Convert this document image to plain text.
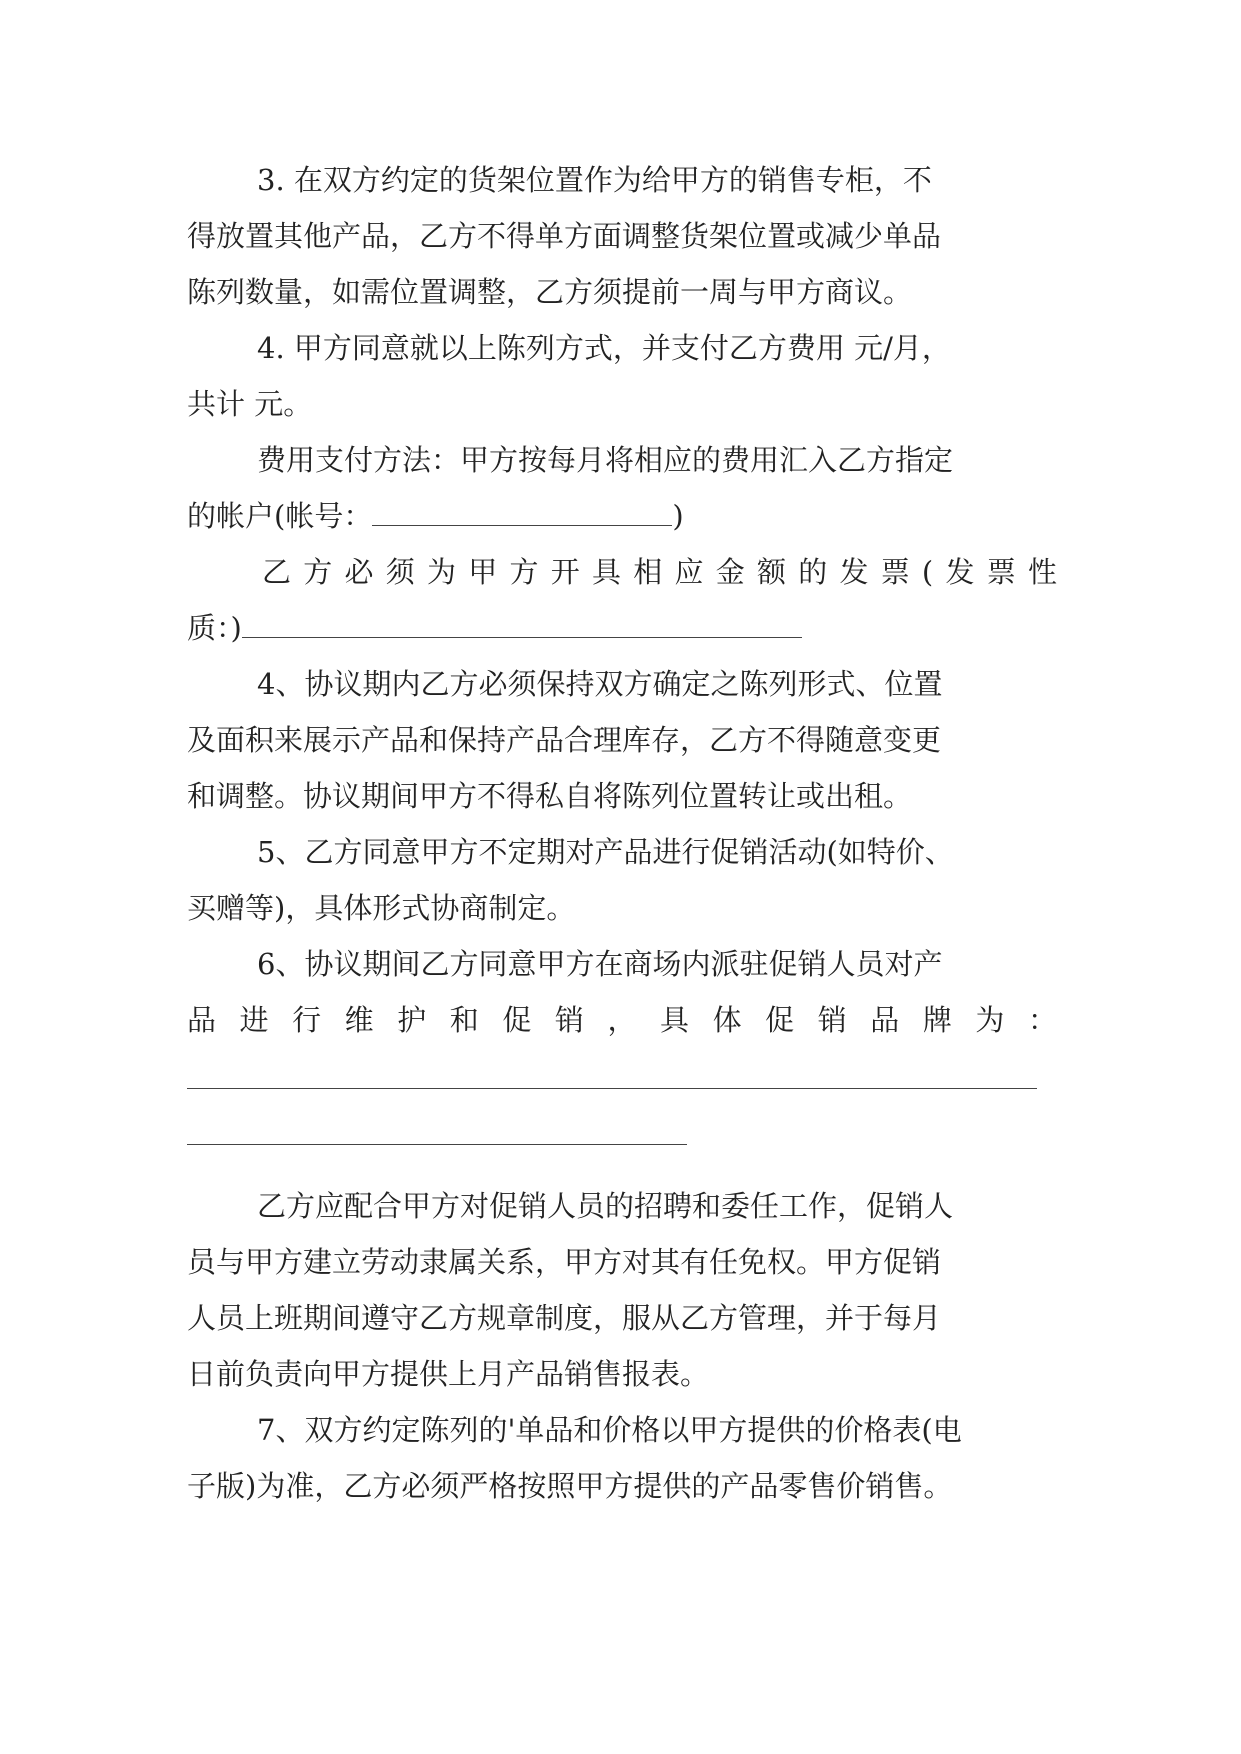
3. 在双方约定的货架位置作为给甲方的销售专柜，不
得放置其他产品，乙方不得单方面调整货架位置或减少单品
陈列数量，如需位置调整，乙方须提前一周与甲方商议。
4. 甲方同意就以上陈列方式，并支付乙方费用 元/月，
共计 元。
费用支付方法：甲方按每月将相应的费用汇入乙方指定
的帐户(帐号：	)
乙方必须为甲方开具相应金额的发票(发票性
质：)
4、协议期内乙方必须保持双方确定之陈列形式、位置
及面积来展示产品和保持产品合理库存，乙方不得随意变更
和调整。协议期间甲方不得私自将陈列位置转让或出租。
5、乙方同意甲方不定期对产品进行促销活动(如特价、
买赠等)，具体形式协商制定。
6、协议期间乙方同意甲方在商场内派驻促销人员对产
品进行维护和促销，具体促销品牌为：
乙方应配合甲方对促销人员的招聘和委任工作，促销人
员与甲方建立劳动隶属关系，甲方对其有任免权。甲方促销
人员上班期间遵守乙方规章制度，服从乙方管理，并于每月
日前负责向甲方提供上月产品销售报表。
7、双方约定陈列的'单品和价格以甲方提供的价格表(电
子版)为准，乙方必须严格按照甲方提供的产品零售价销售。
